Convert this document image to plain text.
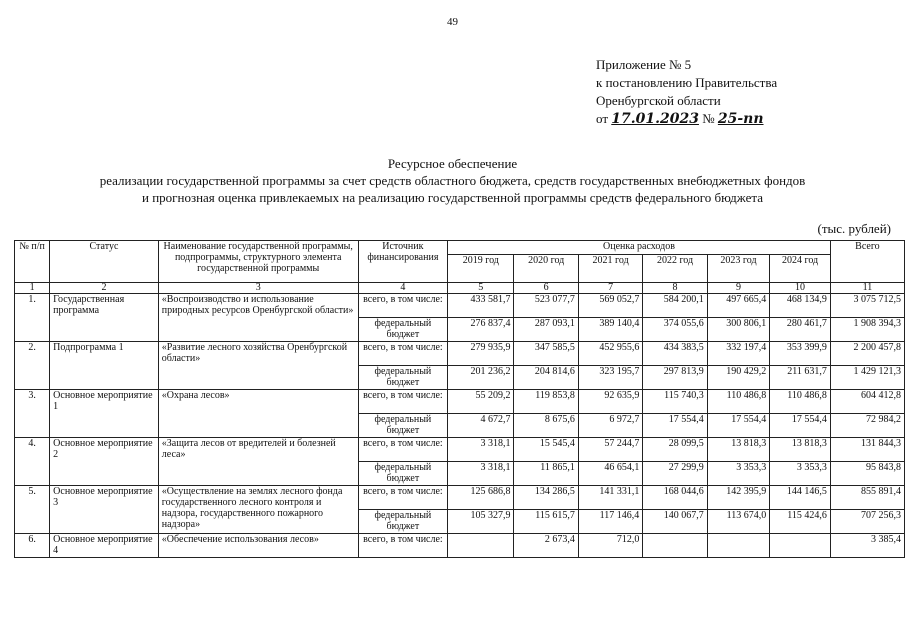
49
Приложение № 5
к постановлению Правительства
Оренбургской области
от 17.01.2023 № 25-пп
Ресурсное обеспечение
реализации государственной программы за счет средств областного бюджета, средств государственных внебюджетных фондов
и прогнозная оценка привлекаемых на реализацию государственной программы средств федерального бюджета
(тыс. рублей)
№ п/п	Статус	Наименование государственной программы, подпрограммы, структурного элемента государственной программы	Источник финансирования	Оценка расходов						Всего
				2019 год	2020 год	2021 год	2022 год	2023 год	2024 год	
1	2	3	4	5	6	7	8	9	10	11
1.	Государственная программа	«Воспроизводство и использование природных ресурсов Оренбургской области»	всего, в том числе:	433 581,7	523 077,7	569 052,7	584 200,1	497 665,4	468 134,9	3 075 712,5
			федеральный бюджет	276 837,4	287 093,1	389 140,4	374 055,6	300 806,1	280 461,7	1 908 394,3
2.	Подпрограмма 1	«Развитие лесного хозяйства Оренбургской области»	всего, в том числе:	279 935,9	347 585,5	452 955,6	434 383,5	332 197,4	353 399,9	2 200 457,8
			федеральный бюджет	201 236,2	204 814,6	323 195,7	297 813,9	190 429,2	211 631,7	1 429 121,3
3.	Основное мероприятие 1	«Охрана лесов»	всего, в том числе:	55 209,2	119 853,8	92 635,9	115 740,3	110 486,8	110 486,8	604 412,8
			федеральный бюджет	4 672,7	8 675,6	6 972,7	17 554,4	17 554,4	17 554,4	72 984,2
4.	Основное мероприятие 2	«Защита лесов от вредителей и болезней леса»	всего, в том числе:	3 318,1	15 545,4	57 244,7	28 099,5	13 818,3	13 818,3	131 844,3
			федеральный бюджет	3 318,1	11 865,1	46 654,1	27 299,9	3 353,3	3 353,3	95 843,8
5.	Основное мероприятие 3	«Осуществление на землях лесного фонда государственного лесного контроля и надзора, государственного пожарного надзора»	всего, в том числе:	125 686,8	134 286,5	141 331,1	168 044,6	142 395,9	144 146,5	855 891,4
			федеральный бюджет	105 327,9	115 615,7	117 146,4	140 067,7	113 674,0	115 424,6	707 256,3
6.	Основное мероприятие 4	«Обеспечение использования лесов»	всего, в том числе:		2 673,4	712,0				3 385,4
